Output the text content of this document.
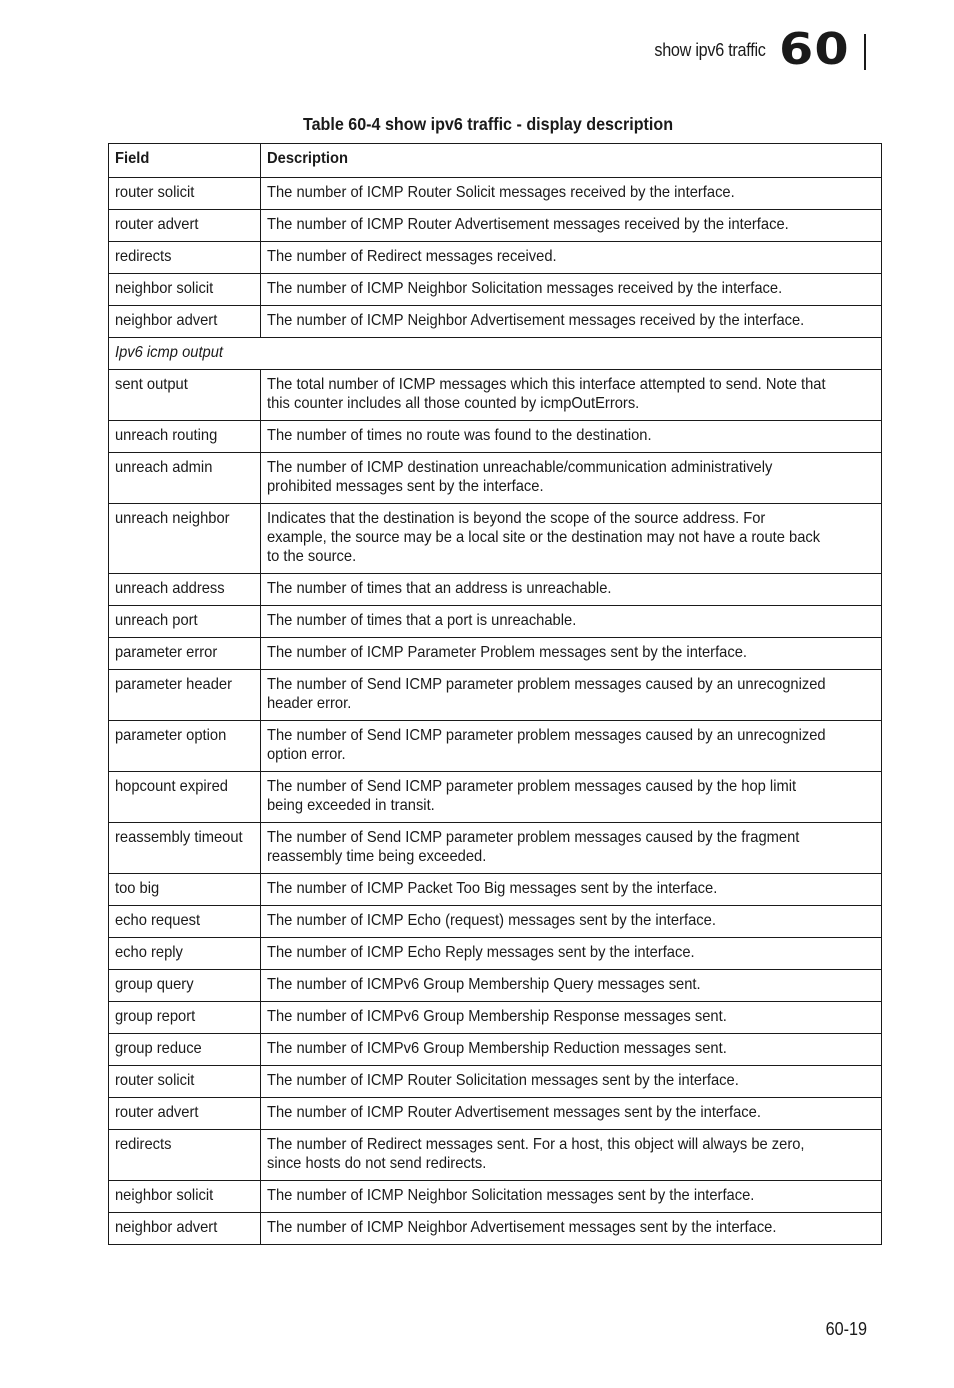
show ipv6 traffic 60
Table 60-4 show ipv6 traffic - display description
Field	Description
router solicit	The number of ICMP Router Solicit messages received by the interface.
router advert	The number of ICMP Router Advertisement messages received by the interface.
redirects	The number of Redirect messages received.
neighbor solicit	The number of ICMP Neighbor Solicitation messages received by the interface.
neighbor advert	The number of ICMP Neighbor Advertisement messages received by the interface.
Ipv6 icmp output	
sent output	The total number of ICMP messages which this interface attempted to send. Note that this counter includes all those counted by icmpOutErrors.
unreach routing	The number of times no route was found to the destination.
unreach admin	The number of ICMP destination unreachable/communication administratively prohibited messages sent by the interface.
unreach neighbor	Indicates that the destination is beyond the scope of the source address. For example, the source may be a local site or the destination may not have a route back to the source.
unreach address	The number of times that an address is unreachable.
unreach port	The number of times that a port is unreachable.
parameter error	The number of ICMP Parameter Problem messages sent by the interface.
parameter header	The number of Send ICMP parameter problem messages caused by an unrecognized header error.
parameter option	The number of Send ICMP parameter problem messages caused by an unrecognized option error.
hopcount expired	The number of Send ICMP parameter problem messages caused by the hop limit being exceeded in transit.
reassembly timeout	The number of Send ICMP parameter problem messages caused by the fragment reassembly time being exceeded.
too big	The number of ICMP Packet Too Big messages sent by the interface.
echo request	The number of ICMP Echo (request) messages sent by the interface.
echo reply	The number of ICMP Echo Reply messages sent by the interface.
group query	The number of ICMPv6 Group Membership Query messages sent.
group report	The number of ICMPv6 Group Membership Response messages sent.
group reduce	The number of ICMPv6 Group Membership Reduction messages sent.
router solicit	The number of ICMP Router Solicitation messages sent by the interface.
router advert	The number of ICMP Router Advertisement messages sent by the interface.
redirects	The number of Redirect messages sent. For a host, this object will always be zero, since hosts do not send redirects.
neighbor solicit	The number of ICMP Neighbor Solicitation messages sent by the interface.
neighbor advert	The number of ICMP Neighbor Advertisement messages sent by the interface.
60-19
